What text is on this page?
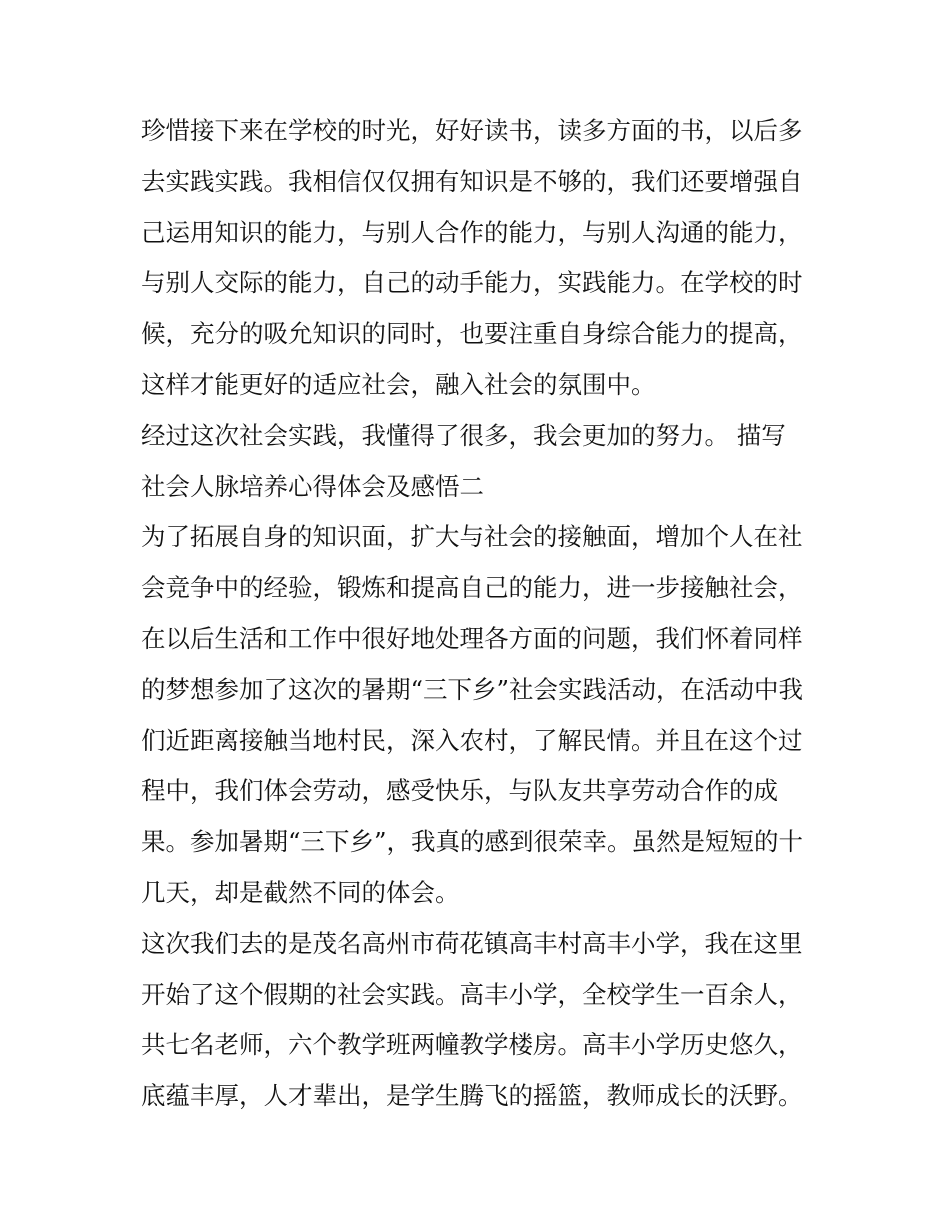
珍惜接下来在学校的时光，好好读书，读多方面的书，以后多
去实践实践。我相信仅仅拥有知识是不够的，我们还要增强自
己运用知识的能力，与别人合作的能力，与别人沟通的能力，
与别人交际的能力，自己的动手能力，实践能力。在学校的时
候，充分的吸允知识的同时，也要注重自身综合能力的提高，
这样才能更好的适应社会，融入社会的氛围中。
经过这次社会实践，我懂得了很多，我会更加的努力。 描写
社会人脉培养心得体会及感悟二
为了拓展自身的知识面，扩大与社会的接触面，增加个人在社
会竞争中的经验，锻炼和提高自己的能力，进一步接触社会，
在以后生活和工作中很好地处理各方面的问题，我们怀着同样
的梦想参加了这次的暑期“三下乡”社会实践活动，在活动中我
们近距离接触当地村民，深入农村，了解民情。并且在这个过
程中，我们体会劳动，感受快乐，与队友共享劳动合作的成
果。参加暑期“三下乡”，我真的感到很荣幸。虽然是短短的十
几天，却是截然不同的体会。
这次我们去的是茂名高州市荷花镇高丰村高丰小学，我在这里
开始了这个假期的社会实践。高丰小学，全校学生一百余人，
共七名老师，六个教学班两幢教学楼房。高丰小学历史悠久，
底蕴丰厚，人才辈出，是学生腾飞的摇篮，教师成长的沃野。
